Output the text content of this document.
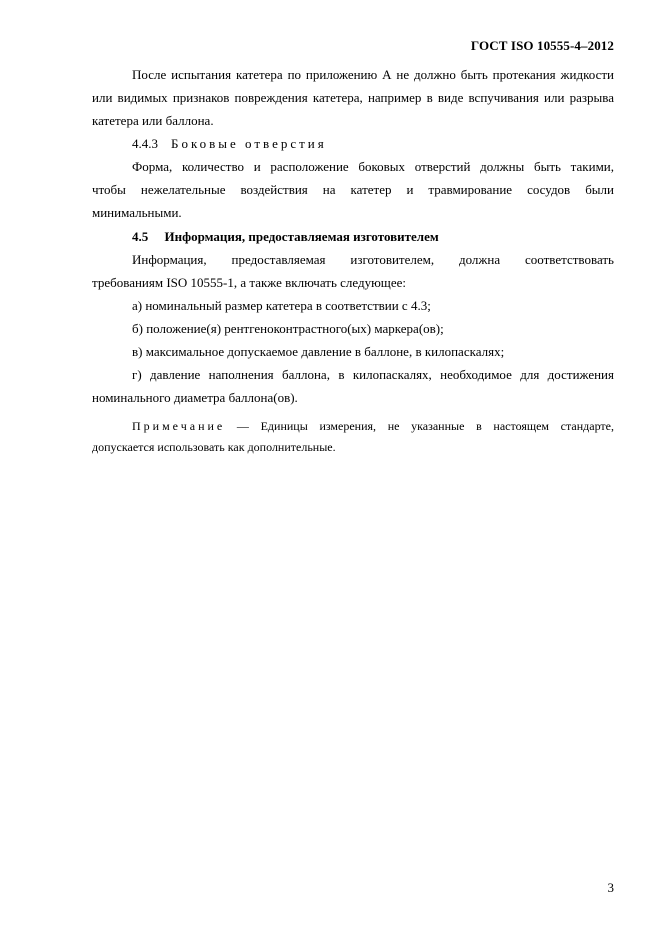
ГОСТ ISO 10555-4–2012
После испытания катетера по приложению А не должно быть протекания жидкости
или видимых признаков повреждения катетера, например в виде вспучивания или разрыва
катетера или баллона.
4.4.3 Боковые отверстия
Форма, количество и расположение боковых отверстий должны быть такими,
чтобы нежелательные воздействия на катетер и травмирование сосудов были
минимальными.
4.5 Информация, предоставляемая изготовителем
Информация, предоставляемая изготовителем, должна соответствовать
требованиям ISO 10555-1, а также включать следующее:
а) номинальный размер катетера в соответствии с 4.3;
б) положение(я) рентгеноконтрастного(ых) маркера(ов);
в) максимальное допускаемое давление в баллоне, в килопаскалях;
г) давление наполнения баллона, в килопаскалях, необходимое для достижения
номинального диаметра баллона(ов).
Примечание — Единицы измерения, не указанные в настоящем стандарте,
допускается использовать как дополнительные.
3
